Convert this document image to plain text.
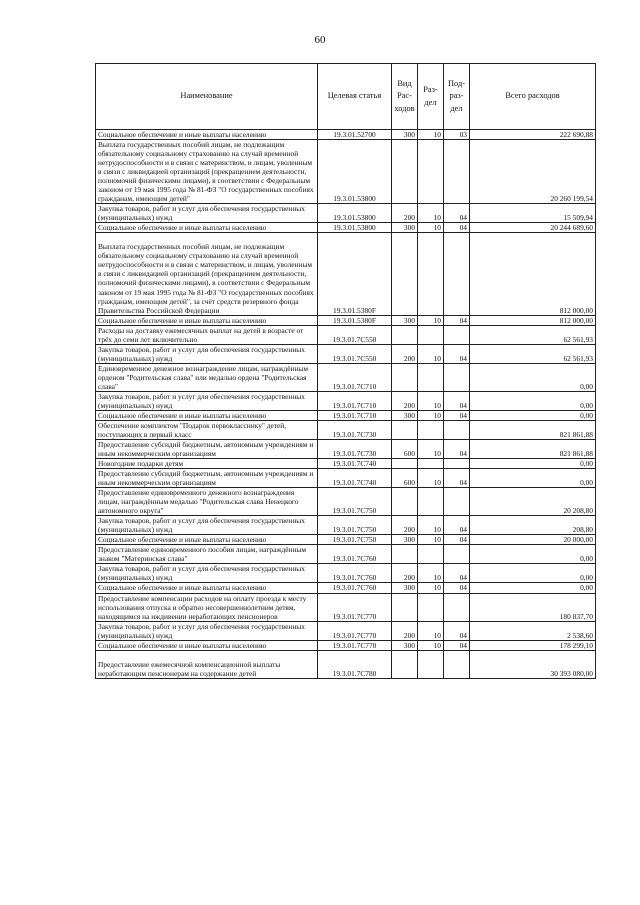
60
Наименование	Целевая статья	Вид Рас-ходов	Раз-дел	Под-раз-дел	Всего расходов
Социальное обеспечение и иные выплаты населению	19.3.01.52700	300	10	03	222 690,88
Выплата государственных пособий лицам, не подлежащим обязательному социальному страхованию на случай временной нетрудоспособности и в связи с материнством, и лицам, уволенным в связи с ликвидацией организаций (прекращением деятельности, полномочий физическими лицами), в соответствии с Федеральным законом от 19 мая 1995 года № 81-ФЗ "О государственных пособиях гражданам, имеющим детей"	19.3.01.53800				20 260 199,54
Закупка товаров, работ и услуг для обеспечения государственных (муниципальных) нужд	19.3.01.53800	200	10	04	15 509,94
Социальное обеспечение и иные выплаты населению	19.3.01.53800	300	10	04	20 244 689,60
Выплата государственных пособий лицам, не подлежащим обязательному социальному страхованию на случай временной нетрудоспособности и в связи с материнством, и лицам, уволенным в связи с ликвидацией организаций (прекращением деятельности, полномочий физическими лицами), в соответствии с Федеральным законом от 19 мая 1995 года № 81-ФЗ "О государственных пособиях гражданам, имеющим детей", за счёт средств резервного фонда Правительства Российской Федерации	19.3.01.5380F				812 000,00
Социальное обеспечение и иные выплаты населению	19.3.01.5380F	300	10	04	812 000,00
Расходы на доставку ежемесячных выплат на детей в возрасте от трёх до семи лет включительно	19.3.01.7С550				62 561,93
Закупка товаров, работ и услуг для обеспечения государственных (муниципальных) нужд	19.3.01.7С550	200	10	04	62 561,93
Единовременное денежное вознаграждение лицам, награждённым орденом "Родительская слава" или медалью ордена "Родительская слава"	19.3.01.7С710				0,00
Закупка товаров, работ и услуг для обеспечения государственных (муниципальных) нужд	19.3.01.7С710	200	10	04	0,00
Социальное обеспечение и иные выплаты населению	19.3.01.7С710	300	10	04	0,00
Обеспечение комплектом "Подарок первокласснику" детей, поступающих в первый класс	19.3.01.7С730				821 861,88
Предоставление субсидий бюджетным, автономным учреждениям и иным некоммерческим организациям	19.3.01.7С730	600	10	04	821 861,88
Новогодние подарки детям	19.3.01.7С740				0,00
Предоставление субсидий бюджетным, автономным учреждениям и иным некоммерческим организациям	19.3.01.7С740	600	10	04	0,00
Предоставление единовременного денежного вознаграждения лицам, награждённым медалью "Родительская слава Ненецкого автономного округа"	19.3.01.7С750				20 208,80
Закупка товаров, работ и услуг для обеспечения государственных (муниципальных) нужд	19.3.01.7С750	200	10	04	208,80
Социальное обеспечение и иные выплаты населению	19.3.01.7С750	300	10	04	20 000,00
Предоставление единовременного пособия лицам, награждённым знаком "Материнская слава"	19.3.01.7С760				0,00
Закупка товаров, работ и услуг для обеспечения государственных (муниципальных) нужд	19.3.01.7С760	200	10	04	0,00
Социальное обеспечение и иные выплаты населению	19.3.01.7С760	300	10	04	0,00
Предоставление компенсации расходов на оплату проезда к месту использования отпуска и обратно несовершеннолетним детям, находящимся на иждивении неработающих пенсионеров	19.3.01.7С770				180 837,70
Закупка товаров, работ и услуг для обеспечения государственных (муниципальных) нужд	19.3.01.7С770	200	10	04	2 538,60
Социальное обеспечение и иные выплаты населению	19.3.01.7С770	300	10	04	178 299,10
Предоставление ежемесячной компенсационной выплаты неработающим пенсионерам на содержание детей	19.3.01.7С780				30 393 080,00
